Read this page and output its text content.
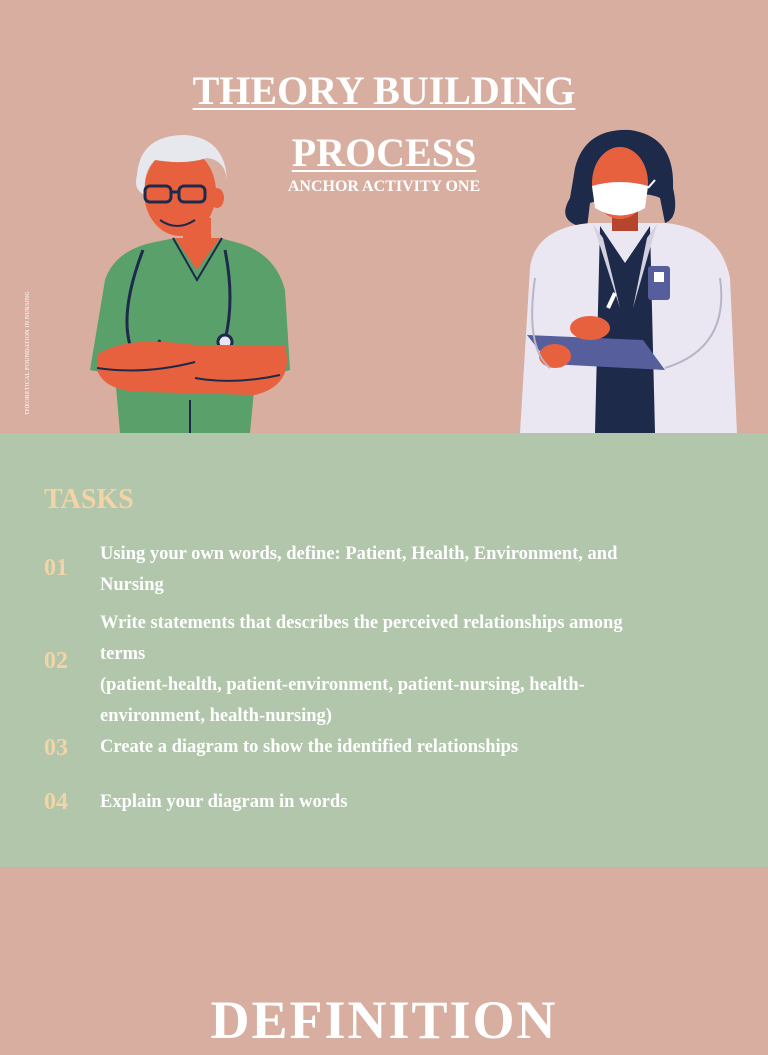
THEORY BUILDING
PROCESS
ANCHOR ACTIVITY ONE
THEORETICAL FOUNDATION IN NURSING
TASKS
01
Using your own words, define: Patient, Health, Environment, and
Nursing
02
Write statements that describes the perceived relationships among
terms
(patient-health, patient-environment, patient-nursing, health-
environment, health-nursing)
03	Create a diagram to show the identified relationships
04	Explain your diagram in words
DEFINITION
